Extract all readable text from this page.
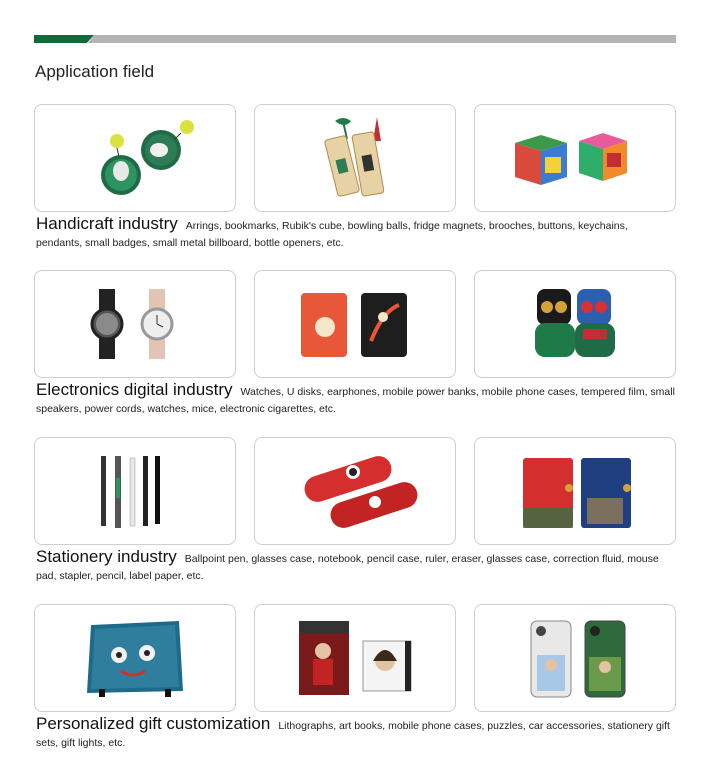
Application field
Handicraft industry Arrings, bookmarks, Rubik's cube, bowling balls, fridge magnets, brooches, buttons, keychains, pendants, small badges, small metal billboard, bottle openers, etc.
Electronics digital industry Watches, U disks, earphones, mobile power banks, mobile phone cases, tempered film, small speakers, power cords, watches, mice, electronic cigarettes, etc.
Stationery industry Ballpoint pen, glasses case, notebook, pencil case, ruler, eraser, glasses case, correction fluid, mouse pad, stapler, pencil, label paper, etc.
Personalized gift customization Lithographs, art books, mobile phone cases, puzzles, car accessories, stationery gift sets, gift lights, etc.
